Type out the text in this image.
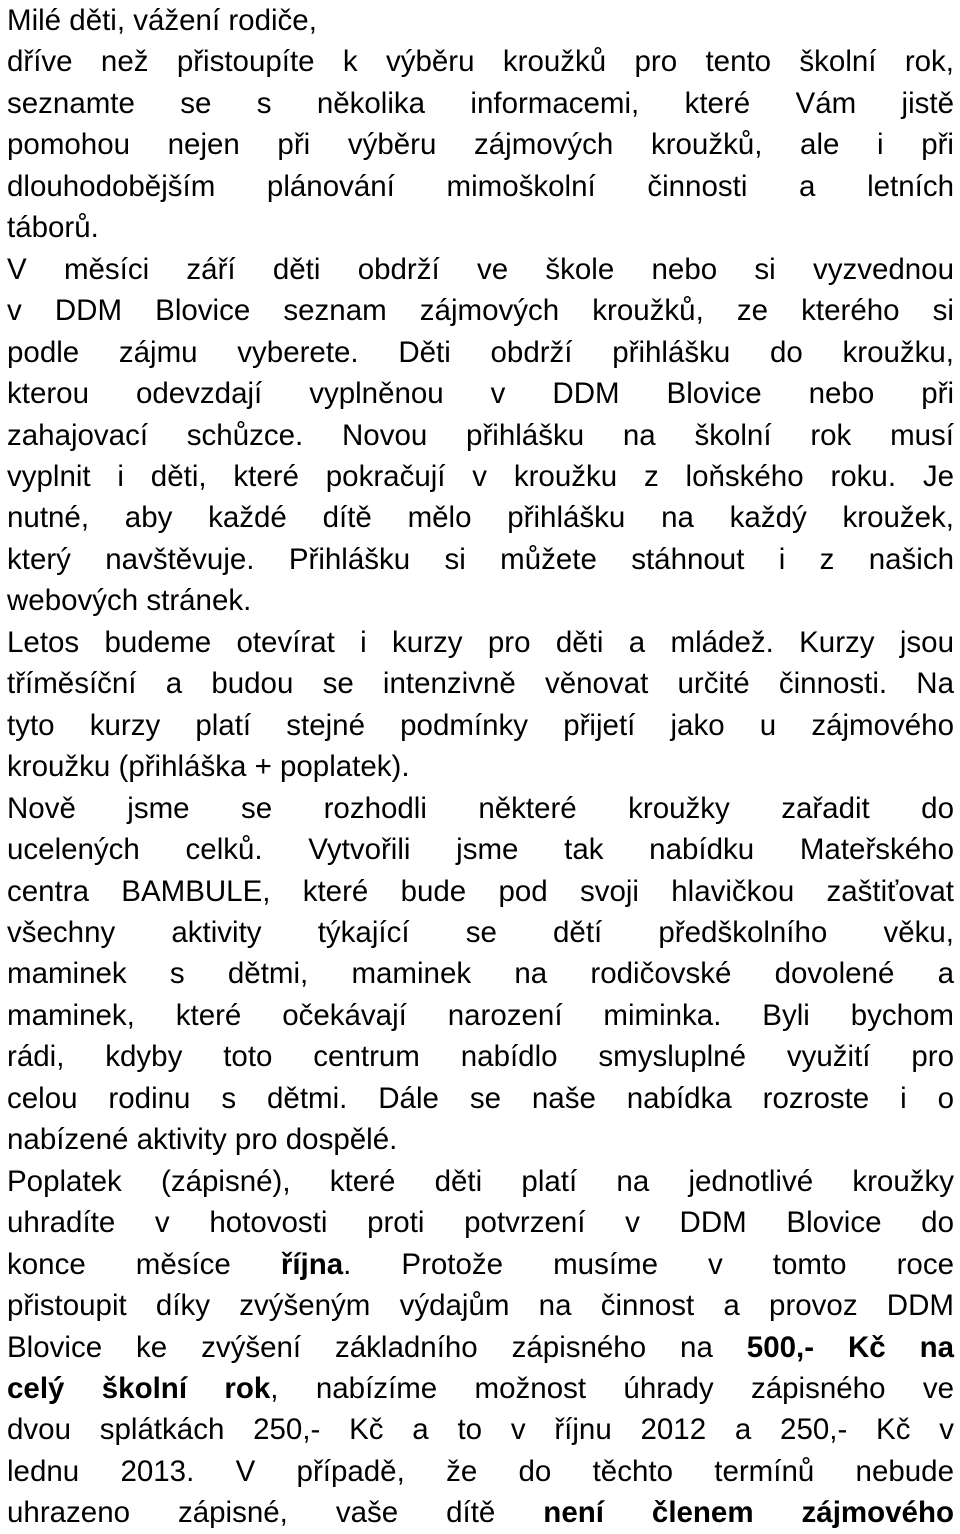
Milé děti, vážení rodiče,

dříve než přistoupíte k výběru kroužků pro tento školní rok,
seznamte se s několika informacemi, které Vám jistě
pomohou nejen při výběru zájmových kroužků, ale i při
dlouhodobějším plánování mimoškolní činnosti a letních
táborů.
V měsíci září děti obdrží ve škole nebo si vyzvednou
v DDM Blovice seznam zájmových kroužků, ze kterého si
podle zájmu vyberete. Děti obdrží přihlášku do kroužku,
kterou odevzdají vyplněnou v DDM Blovice nebo při
zahajovací schůzce. Novou přihlášku na školní rok musí
vyplnit i děti, které pokračují v kroužku z loňského roku. Je
nutné, aby každé dítě mělo přihlášku na každý kroužek,
který navštěvuje. Přihlášku si můžete stáhnout i z našich
webových stránek.
Letos budeme otevírat i kurzy pro děti a mládež. Kurzy jsou
tříměsíční a budou se intenzivně věnovat určité činnosti. Na
tyto kurzy platí stejné podmínky přijetí jako u zájmového
kroužku (přihláška + poplatek).
Nově jsme se rozhodli některé kroužky zařadit do
ucelených celků. Vytvořili jsme tak nabídku Mateřského
centra BAMBULE, které bude pod svoji hlavičkou zaštiťovat
všechny aktivity týkající se dětí předškolního věku,
maminek s dětmi, maminek na rodičovské dovolené a
maminek, které očekávají narození miminka. Byli bychom
rádi, kdyby toto centrum nabídlo smysluplné využití pro
celou rodinu s dětmi. Dále se naše nabídka rozroste i o
nabízené aktivity pro dospělé.
Poplatek (zápisné), které děti platí na jednotlivé kroužky
uhradíte v hotovosti proti potvrzení v DDM Blovice do
konce měsíce října. Protože musíme v tomto roce
přistoupit díky zvýšeným výdajům na činnost a provoz DDM
Blovice ke zvýšení základního zápisného na 500,- Kč na
celý školní rok, nabízíme možnost úhrady zápisného ve
dvou splátkách 250,- Kč a to v říjnu 2012 a 250,- Kč v
lednu 2013. V případě, že do těchto termínů nebude
uhrazeno zápisné, vaše dítě není členem zájmového
